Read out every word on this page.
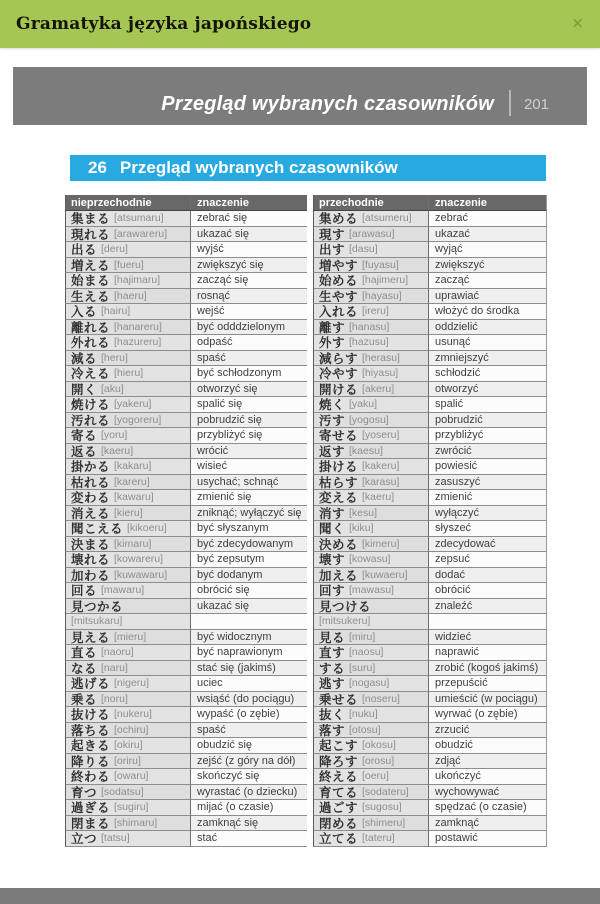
Gramatyka języka japońskiego	✕
Przegląd wybranych czasowników 201
26 Przegląd wybranych czasowników
nieprzechodnie	znaczenie	przechodnie	znaczenie
集まる [atsumaru]	zebrać się	集める [atsumeru] zebrać
現れる [arawareru]	ukazać się	現す [arawasu]	ukazać
出る [deru]	wyjść	出す [dasu]	wyjąć
増える [fueru]	zwiększyć się	増やす [fuyasu]	zwiększyć
始まる [hajimaru]	zacząć się	始める [hajimeru] zacząć
生える [haeru]	rosnąć	生やす [hayasu]	uprawiać
入る [hairu]	wejść	入れる [ireru]	włożyć do środka
離れる [hanareru]	być odddzielonym	離す [hanasu]	oddzielić
外れる [hazureru]	odpaść	外す [hazusu]	usunąć
減る [heru]	spaść	減らす [herasu]	zmniejszyć
冷える [hieru]	być schłodzonym	冷やす [hiyasu]	schłodzić
開く [aku]	otworzyć się	開ける [akeru]	otworzyć
焼ける [yakeru]	spalić się	焼く [yaku]	spalić
汚れる [yogoreru]	pobrudzić się	汚す [yogosu]	pobrudzić
寄る [yoru]	przybliżyć się	寄せる [yoseru]	przybliżyć
返る [kaeru]	wrócić	返す [kaesu]	zwrócić
掛かる [kakaru]	wisieć	掛ける [kakeru]	powiesić
枯れる [kareru]	usychać; schnąć	枯らす [karasu]	zasuszyć
変わる [kawaru]	zmienić się	変える [kaeru]	zmienić
消える [kieru]	zniknąć; wyłączyć się 消す [kesu]	wyłączyć
聞こえる [kikoeru]	być słyszanym	聞く [kiku]	słyszeć
決まる [kimaru]	być zdecydowanym 決める [kimeru]	zdecydować
壊れる [kowareru]	być zepsutym	壊す [kowasu]	zepsuć
加わる [kuwawaru]	być dodanym	加える [kuwaeru] dodać
回る [mawaru]	obrócić się	回す [mawasu]	obrócić
見つかる	ukazać się	見つける	znaleźć
[mitsukaru]	[mitsukeru]
見える [mieru]	być widocznym	見る [miru]	widzieć
直る [naoru]	być naprawionym	直す [naosu]	naprawić
なる [naru]	stać się (jakimś)	する [suru]	zrobić (kogoś jakimś)
逃げる [nigeru]	uciec	逃す [nogasu]	przepuścić
乗る [noru]	wsiąść (do pociągu) 乗せる [noseru]	umieścić (w pociągu)
抜ける [nukeru]	wypaść (o zębie)	抜く [nuku]	wyrwać (o zębie)
落ちる [ochiru]	spaść	落す [otosu]	zrzucić
起きる [okiru]	obudzić się	起こす [okosu]	obudzić
降りる [oriru]	zejść (z góry na dół) 降ろす [orosu]	zdjąć
終わる [owaru]	skończyć się	終える [oeru]	ukończyć
育つ [sodatsu]	wyrastać (o dziecku) 育てる [sodateru] wychowywać
過ぎる [sugiru]	mijać (o czasie)	過ごす [sugosu]	spędzać (o czasie)
閉まる [shimaru]	zamknąć się	閉める [shimeru]	zamknąć
立つ [tatsu]	stać	立てる [tateru]	postawić
